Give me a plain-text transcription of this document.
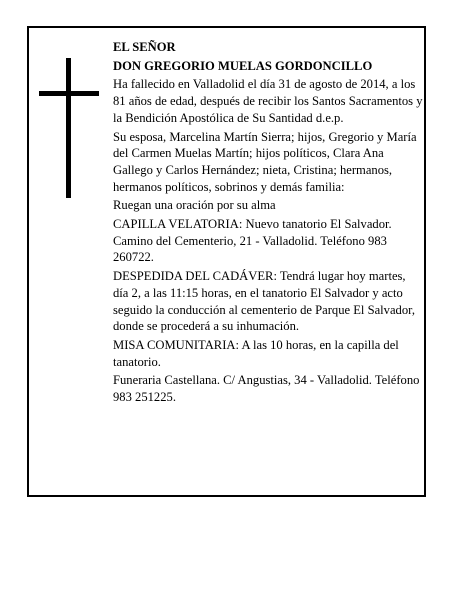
EL SEÑOR

DON GREGORIO MUELAS GORDONCILLO

Ha fallecido en Valladolid el día 31 de agosto de 2014, a los 81 años de edad, después de recibir los Santos Sacramentos y la Bendición Apostólica de Su Santidad d.e.p.

Su esposa, Marcelina Martín Sierra; hijos, Gregorio y María del Carmen Muelas Martín; hijos políticos, Clara Ana Gallego y Carlos Hernández; nieta, Cristina; hermanos, hermanos políticos, sobrinos y demás familia:

Ruegan una oración por su alma

CAPILLA VELATORIA: Nuevo tanatorio El Salvador. Camino del Cementerio, 21 - Valladolid. Teléfono 983 260722.

DESPEDIDA DEL CADÁVER: Tendrá lugar hoy martes, día 2, a las 11:15 horas, en el tanatorio El Salvador y acto seguido la conducción al cementerio de Parque El Salvador, donde se procederá a su inhumación.

MISA COMUNITARIA: A las 10 horas, en la capilla del tanatorio.

Funeraria Castellana. C/ Angustias, 34 - Valladolid. Teléfono 983 251225.
